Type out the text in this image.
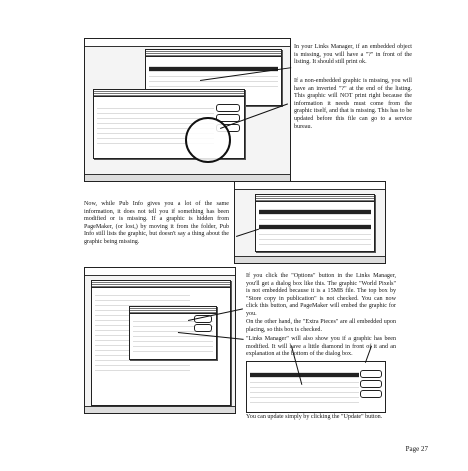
In your Links Manager, if an embedded object is missing, you will have a "?" in front of the listing. It should still print ok.

If a non-embedded graphic is missing, you will have an inverted "?" at the end of the listing. This graphic will NOT print right because the information it needs must come from the graphic itself, and that is missing. This has to be updated before this file can go to a service bureau.

Now, while Pub Info gives you a lot of the same information, it does not tell you if something has been modified or is missing. If a graphic is hidden from PageMaker, (or lost,) by moving it from the folder, Pub Info still lists the graphic, but doesn't say a thing about the graphic being missing.

If you click the "Options" button in the Links Manager, you'll get a dialog box like this. The graphic "World Pixels" is not embedded because it is a 15MB file. The top box by "Store copy in publication" is not checked. You can now click this button, and PageMaker will embed the graphic for you.

On the other hand, the "Extra Pieces" are all embedded upon placing, so this box is checked.

"Links Manager" will also show you if a graphic has been modified. It will have a little diamond in front of it and an explanation at the bottom of the dialog box.

You can update simply by clicking the "Update" button.

Page 27
